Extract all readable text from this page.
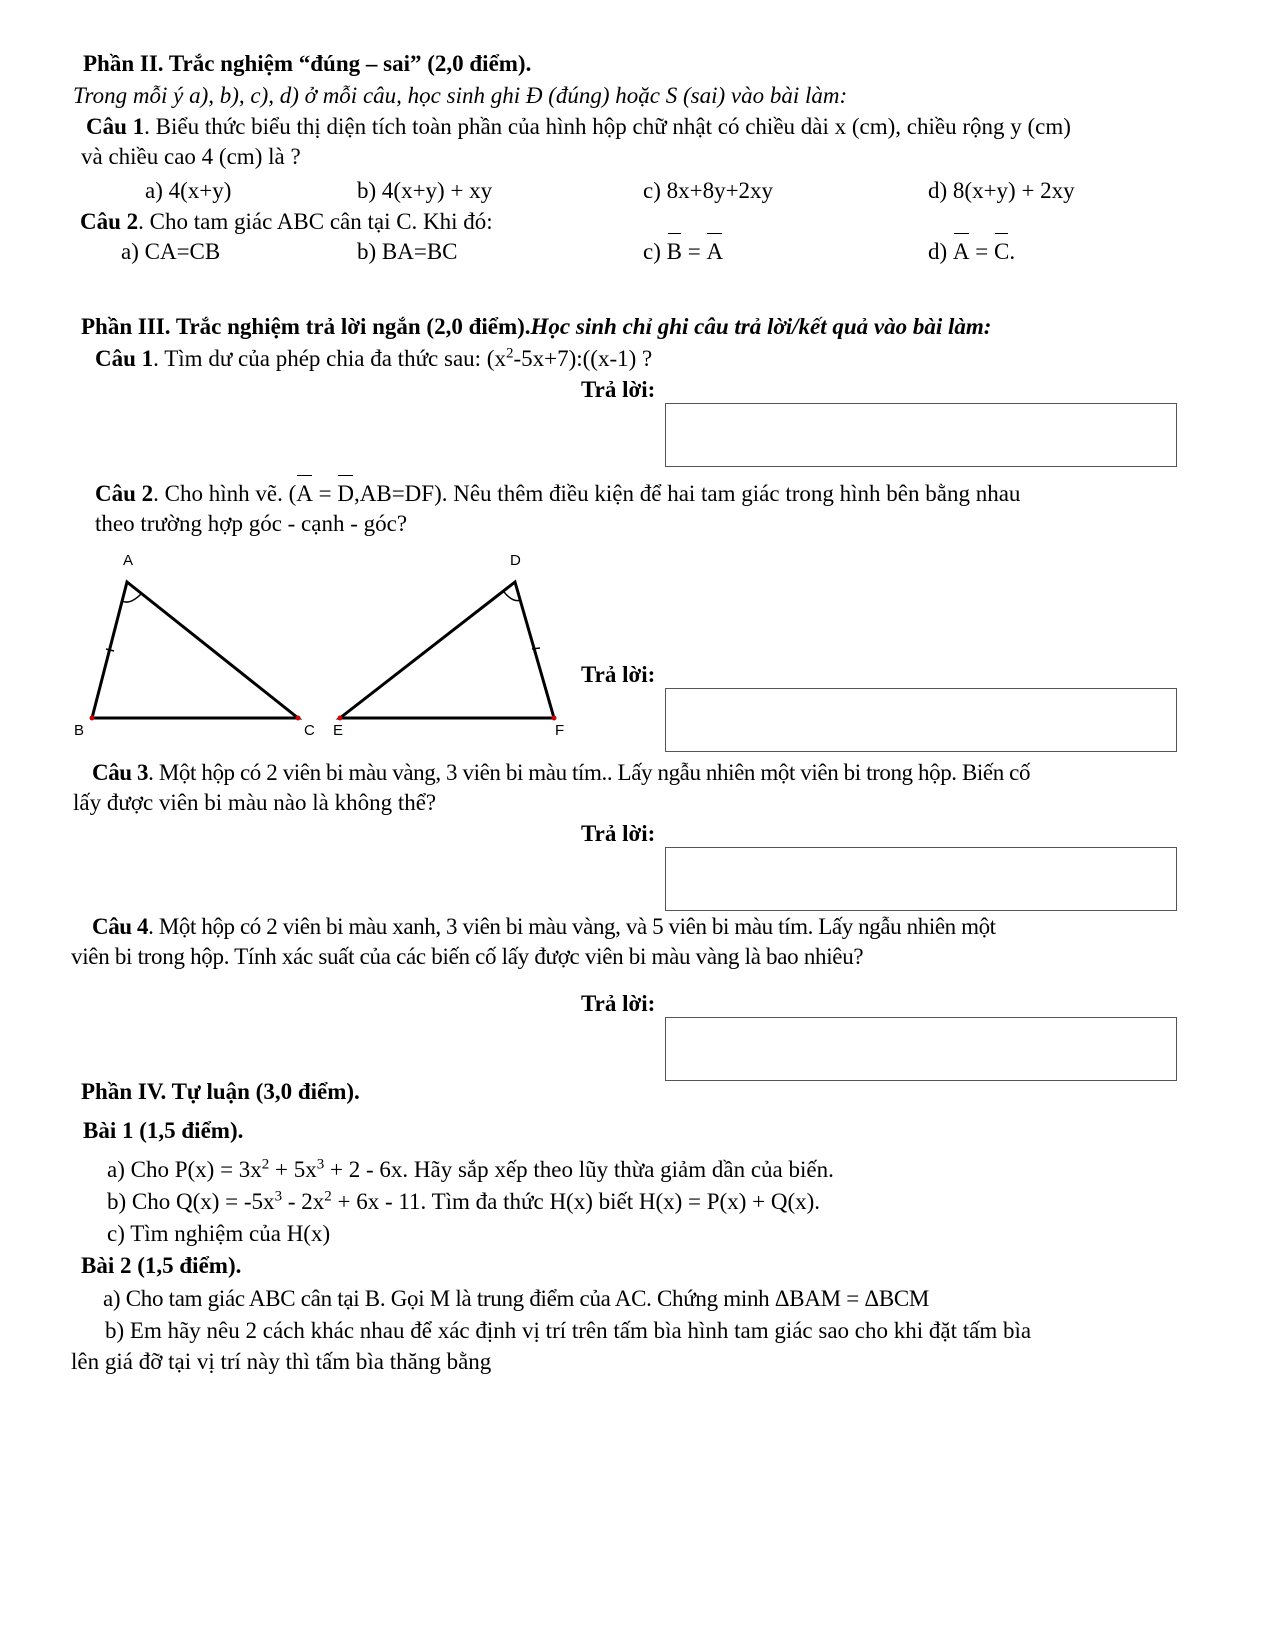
Phần II. Trắc nghiệm “đúng – sai” (2,0 điểm).
Trong mỗi ý a), b), c), d) ở mỗi câu, học sinh ghi Đ (đúng) hoặc S (sai) vào bài làm:
Câu 1. Biểu thức biểu thị diện tích toàn phần của hình hộp chữ nhật có chiều dài x (cm), chiều rộng y (cm)
và chiều cao 4 (cm) là ?
a) 4(x+y)	b) 4(x+y) + xy	c) 8x+8y+2xy	d) 8(x+y) + 2xy
Câu 2. Cho tam giác ABC cân tại C. Khi đó:
a) CA=CB	b) BA=BC	c) B = A	d) A = C.
Phần III. Trắc nghiệm trả lời ngắn (2,0 điểm).Học sinh chỉ ghi câu trả lời/kết quả vào bài làm:
Câu 1. Tìm dư của phép chia đa thức sau: $(x^2-5x+7):((x-1)$ ?
Trả lời:
Câu 2. Cho hình vẽ. (A = D,AB=DF). Nêu thêm điều kiện để hai tam giác trong hình bên bằng nhau
theo trường hợp góc - cạnh - góc?
A
B	C
D
E	F
Trả lời:
Câu 3. Một hộp có 2 viên bi màu vàng, 3 viên bi màu tím.. Lấy ngẫu nhiên một viên bi trong hộp. Biến cố
lấy được viên bi màu nào là không thể?
Trả lời:
Câu 4. Một hộp có 2 viên bi màu xanh, 3 viên bi màu vàng, và 5 viên bi màu tím. Lấy ngẫu nhiên một
viên bi trong hộp. Tính xác suất của các biến cố lấy được viên bi màu vàng là bao nhiêu?
Trả lời:
Phần IV. Tự luận (3,0 điểm).
Bài 1 (1,5 điểm).
a) Cho $P(x) = 3x^2 + 5x^3 + 2 - 6x$. Hãy sắp xếp theo lũy thừa giảm dần của biến.
b) Cho $Q(x) = -5x^3 - 2x^2 + 6x - 11$. Tìm đa thức H(x) biết H(x) = P(x) + Q(x).
c) Tìm nghiệm của H(x)
Bài 2 (1,5 điểm).
a) Cho tam giác ABC cân tại B. Gọi M là trung điểm của AC. Chứng minh ΔBAM = ΔBCM
b) Em hãy nêu 2 cách khác nhau để xác định vị trí trên tấm bìa hình tam giác sao cho khi đặt tấm bìa
lên giá đỡ tại vị trí này thì tấm bìa thăng bằng
